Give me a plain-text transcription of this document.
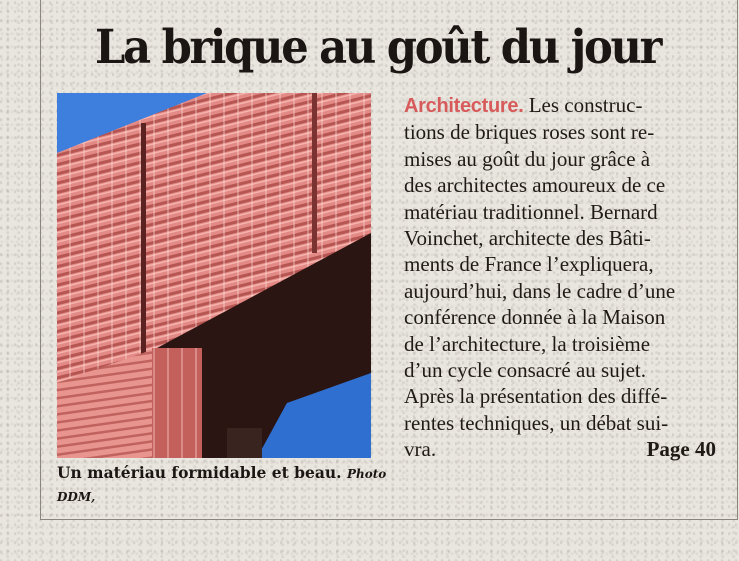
La brique au goût du jour
Un matériau formidable et beau. Photo DDM,
Architecture. Les construc-
tions de briques roses sont re-
mises au goût du jour grâce à
des architectes amoureux de ce
matériau traditionnel. Bernard
Voinchet, architecte des Bâti-
ments de France l’expliquera,
aujourd’hui, dans le cadre d’une
conférence donnée à la Maison
de l’architecture, la troisième
d’un cycle consacré au sujet.
Après la présentation des diffé-
rentes techniques, un débat sui-
vra.	Page 40
